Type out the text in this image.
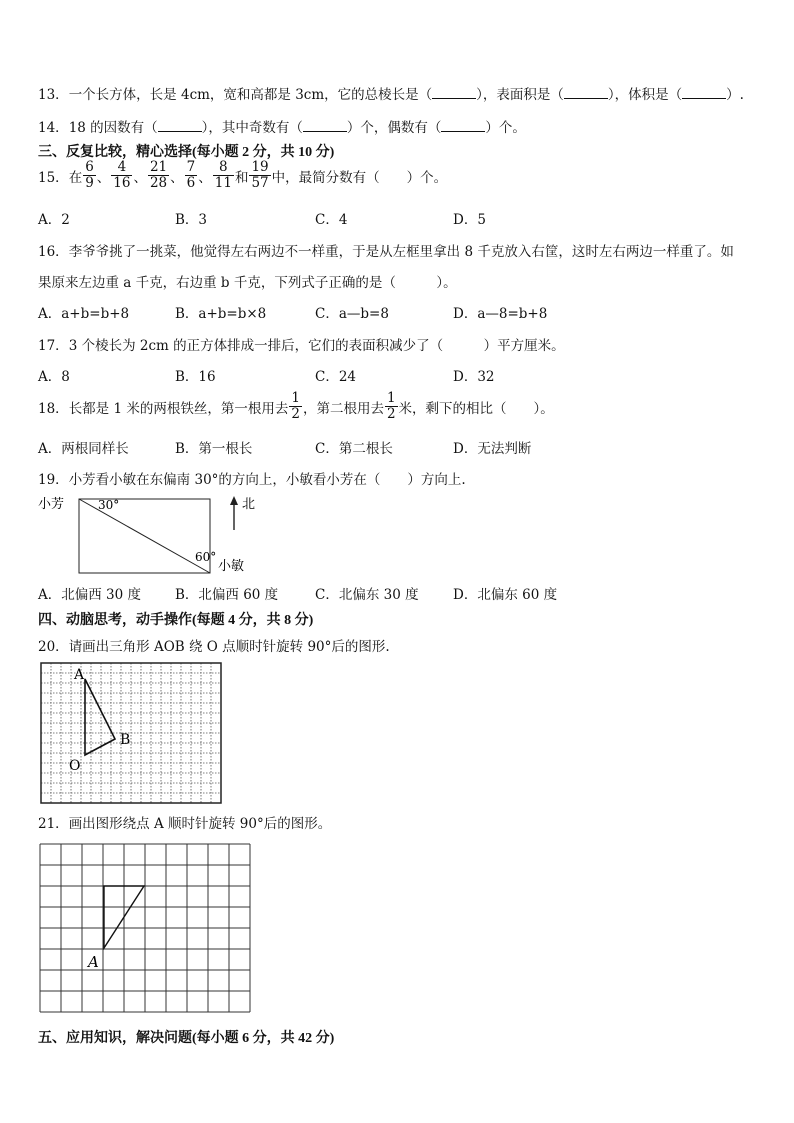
13．一个长方体，长是 4cm，宽和高都是 3cm，它的总棱长是（	），表面积是（	），体积是（	）.
14．18 的因数有（	），其中奇数有（	）个，偶数有（	）个。
三、反复比较，精心选择(每小题 2 分，共 10 分)
15． 在 $\frac{6}{9}$ 、 $\frac{4}{16}$ 、 $\frac{21}{28}$ 、 $\frac{7}{6}$ 、 $\frac{8}{11}$ 和 $\frac{19}{57}$ 中，最简分数有（　　）个。
A．2	B．3	C．4	D．5
16．李爷爷挑了一挑菜，他觉得左右两边不一样重，于是从左框里拿出 8 千克放入右筐，这时左右两边一样重了。如
果原来左边重 a 千克，右边重 b 千克，下列式子正确的是（　　　）。
A．a+b=b+8	B．a+b=b×8	C．a—b=8	D．a—8=b+8
17．3 个棱长为 2cm 的正方体排成一排后，它们的表面积减少了（　　　）平方厘米。
A．8	B．16	C．24	D．32
18． 长都是 1 米的两根铁丝，第一根用去 $\frac{1}{2}$ ，第二根用去 $\frac{1}{2}$ 米，剩下的相比（　　）。
A．两根同样长	B．第一根长	C．第二根长	D．无法判断
19．小芳看小敏在东偏南 30°的方向上，小敏看小芳在（　　）方向上.
小芳	30°
60°
小敏
北
A．北偏西 30 度	B．北偏西 60 度	C．北偏东 30 度	D．北偏东 60 度
四、动脑思考，动手操作(每题 4 分，共 8 分)
20．请画出三角形 AOB 绕 O 点顺时针旋转 90°后的图形.
A
B
O
21．画出图形绕点 A 顺时针旋转 90°后的图形。
A
五、应用知识，解决问题(每小题 6 分，共 42 分)
